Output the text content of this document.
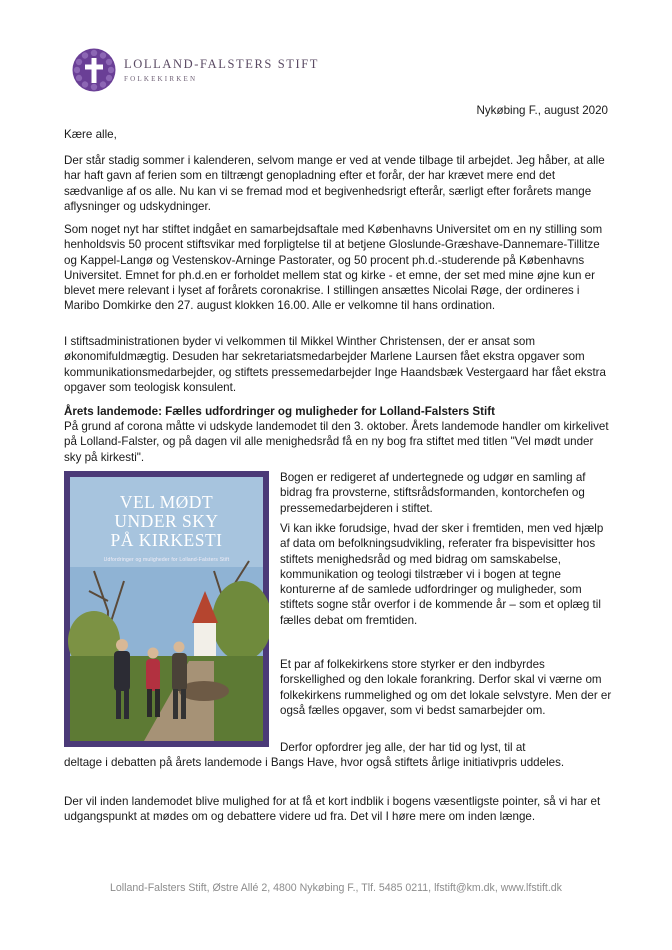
LOLLAND-FALSTERS STIFT
FOLKEKIRKEN
Nykøbing F., august 2020
Kære alle,
Der står stadig sommer i kalenderen, selvom mange er ved at vende tilbage til arbejdet. Jeg håber, at alle har haft gavn af ferien som en tiltrængt genopladning efter et forår, der har krævet mere end det sædvanlige af os alle. Nu kan vi se fremad mod et begivenhedsrigt efterår, særligt efter forårets mange aflysninger og udskydninger.
Som noget nyt har stiftet indgået en samarbejdsaftale med Københavns Universitet om en ny stilling som henholdsvis 50 procent stiftsvikar med forpligtelse til at betjene Gloslunde-Græshave-Dannemare-Tillitze og Kappel-Langø og Vestenskov-Arninge Pastorater, og 50 procent ph.d.-studerende på Københavns Universitet. Emnet for ph.d.en er forholdet mellem stat og kirke - et emne, der set med mine øjne kun er blevet mere relevant i lyset af forårets coronakrise. I stillingen ansættes Nicolai Røge, der ordineres i Maribo Domkirke den 27. august klokken 16.00. Alle er velkomne til hans ordination.
I stiftsadministrationen byder vi velkommen til Mikkel Winther Christensen, der er ansat som økonomifuldmægtig. Desuden har sekretariatsmedarbejder Marlene Laursen fået ekstra opgaver som kommunikationsmedarbejder, og stiftets pressemedarbejder Inge Haandsbæk Vestergaard har fået ekstra opgaver som teologisk konsulent.
Årets landemode: Fælles udfordringer og muligheder for Lolland-Falsters Stift
På grund af corona måtte vi udskyde landemodet til den 3. oktober. Årets landemode handler om kirkelivet på Lolland-Falster, og på dagen vil alle menighedsråd få en ny bog fra stiftet med titlen "Vel mødt under sky på kirkesti".
VEL MØDT
UNDER SKY
PÅ KIRKESTI
Udfordringer og muligheder for Lolland-Falsters Stift
Bogen er redigeret af undertegnede og udgør en samling af bidrag fra provsterne, stiftsrådsformanden, kontorchefen og pressemedarbejderen i stiftet.
Vi kan ikke forudsige, hvad der sker i fremtiden, men ved hjælp af data om befolkningsudvikling, referater fra bispevisitter hos stiftets menighedsråd og med bidrag om samskabelse, kommunikation og teologi tilstræber vi i bogen at tegne konturerne af de samlede udfordringer og muligheder, som stiftets sogne står overfor i de kommende år – som et oplæg til fælles debat om fremtiden.
Et par af folkekirkens store styrker er den indbyrdes forskellighed og den lokale forankring. Derfor skal vi værne om folkekirkens rummelighed og om det lokale selvstyre. Men der er også fælles opgaver, som vi bedst samarbejder om.
Derfor opfordrer jeg alle, der har tid og lyst, til at
deltage i debatten på årets landemode i Bangs Have, hvor også stiftets årlige initiativpris uddeles.
Der vil inden landemodet blive mulighed for at få et kort indblik i bogens væsentligste pointer, så vi har et udgangspunkt at mødes om og debattere videre ud fra. Det vil I høre mere om inden længe.
Lolland-Falsters Stift, Østre Allé 2, 4800 Nykøbing F., Tlf. 5485 0211, lfstift@km.dk, www.lfstift.dk
